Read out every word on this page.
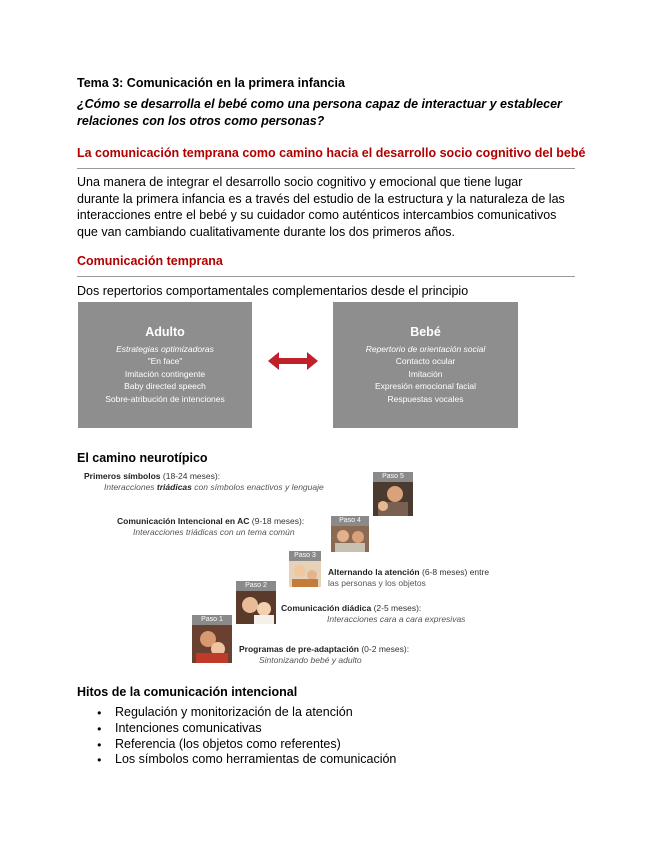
Tema 3: Comunicación en la primera infancia
¿Cómo se desarrolla el bebé como una persona capaz de interactuar y establecer relaciones con los otros como personas?
La comunicación temprana como camino hacia el desarrollo socio cognitivo del bebé
Una manera de integrar el desarrollo socio cognitivo y emocional que tiene lugar durante la primera infancia es a través del estudio de la estructura y la naturaleza de las interacciones entre el bebé y su cuidador como auténticos intercambios comunicativos que van cambiando cualitativamente durante los dos primeros años.
Comunicación temprana
Dos repertorios comportamentales complementarios desde el principio
Adulto
Estrategias optimizadoras
"En face"
Imitación contingente
Baby directed speech
Sobre-atribución de intenciones
Bebé
Repertorio de orientación social
Contacto ocular
Imitación
Expresión emocional facial
Respuestas vocales
El camino neurotípico
Primeros símbolos (18-24 meses):
Interacciones triádicas con símbolos enactivos y lenguaje
Paso 5
Comunicación Intencional en AC (9-18 meses):
Interacciones triádicas con un tema común
Paso 4
Paso 3
Alternando la atención (6-8 meses) entre
las personas y los objetos
Paso 2
Comunicación diádica (2-5 meses):
Interacciones cara a cara expresivas
Paso 1
Programas de pre-adaptación (0-2 meses):
Sintonizando bebé y adulto
Hitos de la comunicación intencional
● Regulación y monitorización de la atención
● Intenciones comunicativas
● Referencia (los objetos como referentes)
● Los símbolos como herramientas de comunicación
